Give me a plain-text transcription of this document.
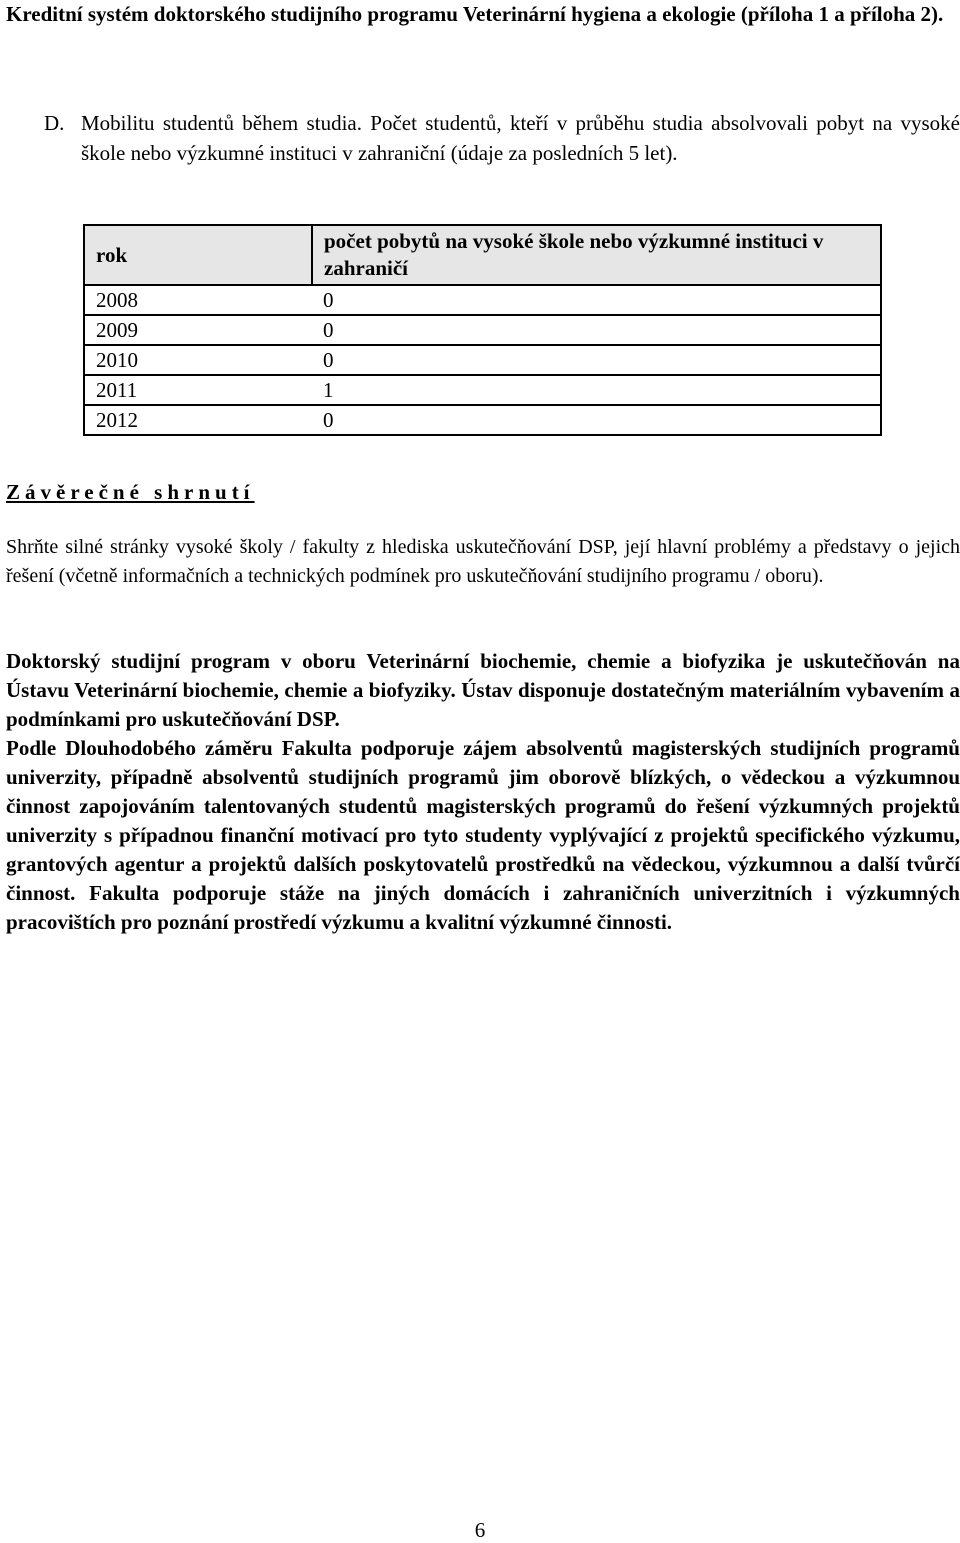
Kreditní systém doktorského studijního programu Veterinární hygiena a ekologie (příloha 1 a příloha 2).
D. Mobilitu studentů během studia. Počet studentů, kteří v průběhu studia absolvovali pobyt na vysoké škole nebo výzkumné instituci v zahraniční (údaje za posledních 5 let).
rok	počet pobytů na vysoké škole nebo výzkumné instituci v zahraničí
2008	0
2009	0
2010	0
2011	1
2012	0
Závěrečné shrnutí
Shrňte silné stránky vysoké školy / fakulty z hlediska uskutečňování DSP, její hlavní problémy a představy o jejich řešení (včetně informačních a technických podmínek pro uskutečňování studijního programu / oboru).

Doktorský studijní program v oboru Veterinární biochemie, chemie a biofyzika je uskutečňován na Ústavu Veterinární biochemie, chemie a biofyziky. Ústav disponuje dostatečným materiálním vybavením a podmínkami pro uskutečňování DSP.

Podle Dlouhodobého záměru Fakulta podporuje zájem absolventů magisterských studijních programů univerzity, případně absolventů studijních programů jim oborově blízkých, o vědeckou a výzkumnou činnost zapojováním talentovaných studentů magisterských programů do řešení výzkumných projektů univerzity s případnou finanční motivací pro tyto studenty vyplývající z projektů specifického výzkumu, grantových agentur a projektů dalších poskytovatelů prostředků na vědeckou, výzkumnou a další tvůrčí činnost. Fakulta podporuje stáže na jiných domácích i zahraničních univerzitních i výzkumných pracovištích pro poznání prostředí výzkumu a kvalitní výzkumné činnosti.

6
